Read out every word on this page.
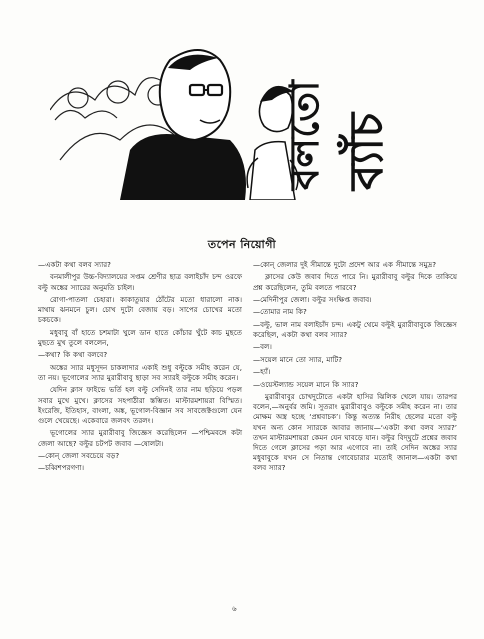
বলতো ব্যাঁচ
তপেন নিয়োগী

—একটা কথা বলব স্যার?

বনমালীপুর উচ্চ-বিদ্যালয়ের সপ্তম শ্রেণীর ছাত্র বলাইচাঁদ চন্দ ওরফে বল্টু অঙ্কের স্যারের অনুমতি চাইল।

রোগা-পাতলা চেহারা। কাকাতুয়ার ঠোঁটের মতো ধারালো নাক। মাথায় ঝনমনে চুল। চোখ দুটো বেজায় বড়। সাপের চোখের মতো চকচকে।

মধুবাবু বাঁ হাতে চশমাটা খুলে ডান হাতে কোঁচার খুঁটে কাচ মুছতে মুছতে মুখ তুলে বললেন,

—কথা? কি কথা বলবে?

অঙ্কের স্যার মধুসূদন চাকলাদার একাই শুধু বল্টুকে সমীহ করেন যে, তা নয়। ভূগোলের স্যার মুরারীবাবু ছাড়া সব স্যারই বল্টুকে সমীহ করেন।

যেদিন ক্লাস ফাইভে ভর্তি হল বল্টু সেদিনই তার নাম ছড়িয়ে পড়ল সবার মুখে মুখে। ক্লাসের সহপাঠীরা স্তম্ভিত। মাস্টারমশায়রা বিস্মিত। ইংরেজি, ইতিহাস, বাংলা, অঙ্ক, ভূগোল-বিজ্ঞান সব সাবজেক্টগুলো যেন গুলে খেয়েছে। একেবারে জলবৎ তরলং।

ভূগোলের স্যার মুরারীবাবু জিজ্ঞেস করেছিলেন —পশ্চিমবঙ্গে কটা জেলা আছে? বল্টুর চটপট জবাব —ষোলটা।

—কোন্ জেলা সবচেয়ে বড়?

—চব্বিশপরগণা।

—কোন্ জেলার দুই সীমান্তে দুটো প্রদেশ আর এক সীমান্তে সমুদ্র?

ক্লাসের কেউ জবাব দিতে পারে নি। মুরারীবাবু বল্টুর দিকে তাকিয়ে প্রশ্ন করেছিলেন, তুমি বলতে পারবে?

—মেদিনীপুর জেলা। বল্টুর সংক্ষিপ্ত জবাব।

—তোমার নাম কি?

—বল্টু, ভাল নাম বলাইচাঁদ চন্দ। একটু থেমে বল্টুই মুরারীবাবুকে জিজ্ঞেস করেছিল, একটা কথা বলব স্যার?

—বল।

—সয়েল মানে তো স্যার, মাটি?

—হ্যাঁ।

—ওয়েস্টল্যান্ড সয়েল মানে কি স্যার?

মুরারীবাবুর চোখদুটোতে একটা হাসির ঝিলিক খেলে যায়। তারপর বলেন,—অনুর্বর জমি। সুতরাং মুরারীবাবুও বল্টুকে সমীহ করেন না। তার মোক্ষম অস্ত্র হচ্ছে ‘প্রশ্নবাচক’। কিন্তু অত্যন্ত নিরীহ ছেলের মতো বল্টু যখন অন্য কোন স্যারকে আবার জানায়—‘একটা কথা বলব স্যার?’ তখন মাস্টারমশায়রা কেমন যেন ঘাবড়ে যান। বল্টুর বিদ্‌ঘুটে প্রশ্নের জবাব দিতে গেলে ক্লাসের পড়া আর এগোবে না। তাই সেদিন অঙ্কের স্যার মধুবাবুকে যখন সে নিতান্ত গোবেচারার মতোই জানাল—একটা কথা বলব স্যার?

৬
